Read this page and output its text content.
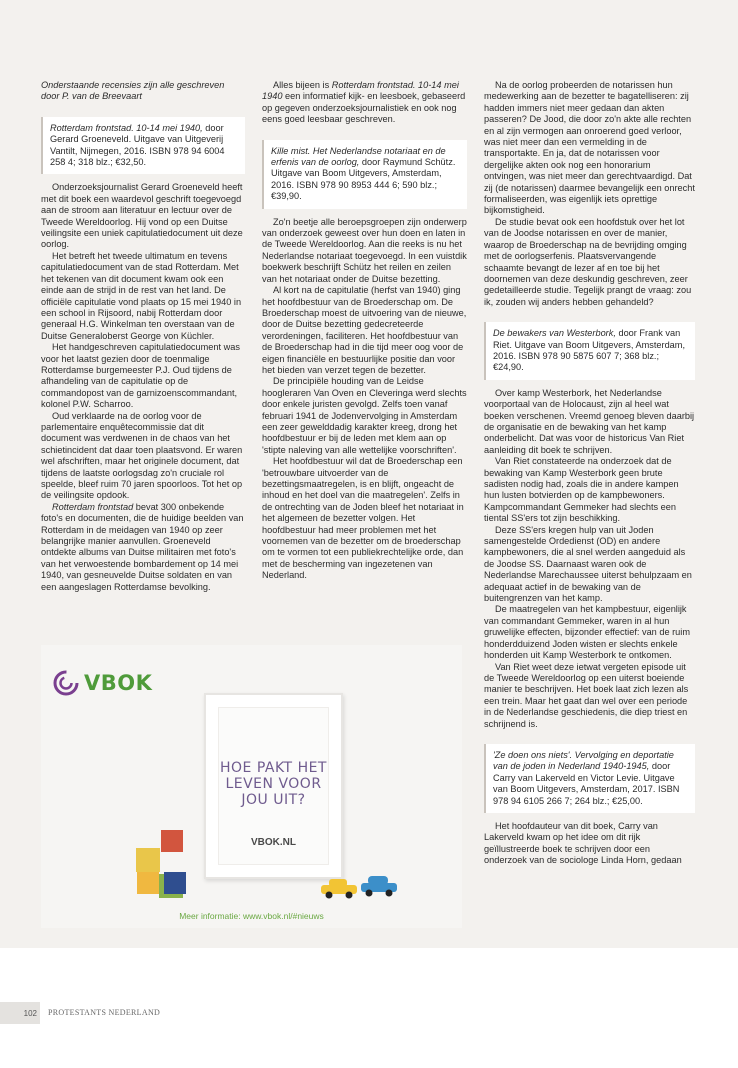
Onderstaande recensies zijn alle geschreven door P. van de Breevaart

Rotterdam frontstad. 10-14 mei 1940, door Gerard Groeneveld. Uitgave van Uitgeverij Vantilt, Nijmegen, 2016. ISBN 978 94 6004 258 4; 318 blz.; €32,50.

Onderzoeksjournalist Gerard Groeneveld heeft met dit boek een waardevol geschrift toegevoegd aan de stroom aan literatuur en lectuur over de Tweede Wereldoorlog. Hij vond op een Duitse veilingsite een uniek capitulatiedocument uit deze oorlog.

Het betreft het tweede ultimatum en tevens capitulatiedocument van de stad Rotterdam. Met het tekenen van dit document kwam ook een einde aan de strijd in de rest van het land. De officiële capitulatie vond plaats op 15 mei 1940 in een school in Rijsoord, nabij Rotterdam door generaal H.G. Winkelman ten overstaan van de Duitse Generaloberst George von Küchler.

Het handgeschreven capitulatiedocument was voor het laatst gezien door de toenmalige Rotterdamse burgemeester P.J. Oud tijdens de afhandeling van de capitulatie op de commandopost van de garnizoenscommandant, kolonel P.W. Scharroo.

Oud verklaarde na de oorlog voor de parlementaire enquêtecommissie dat dit document was verdwenen in de chaos van het schietincident dat daar toen plaatsvond. Er waren wel afschriften, maar het originele document, dat tijdens de laatste oorlogsdag zo'n cruciale rol speelde, bleef ruim 70 jaren spoorloos. Tot het op de veilingsite opdook.

Rotterdam frontstad bevat 300 onbekende foto's en documenten, die de huidige beelden van Rotterdam in de meidagen van 1940 op zeer belangrijke manier aanvullen. Groeneveld ontdekte albums van Duitse militairen met foto's van het verwoestende bombardement op 14 mei 1940, van gesneuvelde Duitse soldaten en van een aangeslagen Rotterdamse bevolking.

Alles bijeen is Rotterdam frontstad. 10-14 mei 1940 een informatief kijk- en leesboek, gebaseerd op gegeven onderzoeksjournalistiek en ook nog eens goed leesbaar geschreven.

Kille mist. Het Nederlandse notariaat en de erfenis van de oorlog, door Raymund Schütz. Uitgave van Boom Uitgevers, Amsterdam, 2016. ISBN 978 90 8953 444 6; 590 blz.; €39,90.

Zo'n beetje alle beroepsgroepen zijn onderwerp van onderzoek geweest over hun doen en laten in de Tweede Wereldoorlog. Aan die reeks is nu het Nederlandse notariaat toegevoegd. In een vuistdik boekwerk beschrijft Schütz het reilen en zeilen van het notariaat onder de Duitse bezetting.

Al kort na de capitulatie (herfst van 1940) ging het hoofdbestuur van de Broederschap om. De Broederschap moest de uitvoering van de nieuwe, door de Duitse bezetting gedecreteerde verordeningen, faciliteren. Het hoofdbestuur van de Broederschap had in die tijd meer oog voor de eigen financiële en bestuurlijke positie dan voor het bieden van verzet tegen de bezetter.

De principiële houding van de Leidse hoogleraren Van Oven en Cleveringa werd slechts door enkele juristen gevolgd. Zelfs toen vanaf februari 1941 de Jodenvervolging in Amsterdam een zeer gewelddadig karakter kreeg, drong het hoofdbestuur er bij de leden met klem aan op 'stipte naleving van alle wettelijke voorschriften'.

Het hoofdbestuur wil dat de Broederschap een 'betrouwbare uitvoerder van de bezettingsmaatregelen, is en blijft, ongeacht de inhoud en het doel van die maatregelen'. Zelfs in de ontrechting van de Joden bleef het notariaat in het algemeen de bezetter volgen. Het hoofdbestuur had meer problemen met het voornemen van de bezetter om de broederschap om te vormen tot een publiekrechtelijke orde, dan met de bescherming van ingezetenen van Nederland.

Na de oorlog probeerden de notarissen hun medewerking aan de bezetter te bagatelliseren: zij hadden immers niet meer gedaan dan akten passeren? De Jood, die door zo'n akte alle rechten en al zijn vermogen aan onroerend goed verloor, was niet meer dan een vermelding in de transportakte. En ja, dat de notarissen voor dergelijke akten ook nog een honorarium ontvingen, was niet meer dan gerechtvaardigd. Dat zij (de notarissen) daarmee bevangelijk een onrecht formaliseerden, was eigenlijk iets oprettige bijkomstigheid.

De studie bevat ook een hoofdstuk over het lot van de Joodse notarissen en over de manier, waarop de Broederschap na de bevrijding omging met de oorlogserfenis. Plaatsvervangende schaamte bevangt de lezer af en toe bij het doornemen van deze deskundig geschreven, zeer gedetailleerde studie. Tegelijk prangt de vraag: zou ik, zouden wij anders hebben gehandeld?

De bewakers van Westerbork, door Frank van Riet. Uitgave van Boom Uitgevers, Amsterdam, 2016. ISBN 978 90 5875 607 7; 368 blz.; €24,90.

Over kamp Westerbork, het Nederlandse voorportaal van de Holocaust, zijn al heel wat boeken verschenen. Vreemd genoeg bleven daarbij de organisatie en de bewaking van het kamp onderbelicht. Dat was voor de historicus Van Riet aanleiding dit boek te schrijven.

Van Riet constateerde na onderzoek dat de bewaking van Kamp Westerbork geen brute sadisten nodig had, zoals die in andere kampen hun lusten botvierden op de kampbewoners. Kampcommandant Gemmeker had slechts een tiental SS'ers tot zijn beschikking.

Deze SS'ers kregen hulp van uit Joden samengestelde Ordedienst (OD) en andere kampbewoners, die al snel werden aangeduid als de Joodse SS. Daarnaast waren ook de Nederlandse Marechaussee uiterst behulpzaam en adequaat actief in de bewaking van de buitengrenzen van het kamp.

De maatregelen van het kampbestuur, eigenlijk van commandant Gemmeker, waren in al hun gruwelijke effecten, bijzonder effectief: van de ruim honderdduizend Joden wisten er slechts enkele honderden uit Kamp Westerbork te ontkomen.

Van Riet weet deze ietwat vergeten episode uit de Tweede Wereldoorlog op een uiterst boeiende manier te beschrijven. Het boek laat zich lezen als een trein. Maar het gaat dan wel over een periode in de Nederlandse geschiedenis, die diep triest en schrijnend is.

'Ze doen ons niets'. Vervolging en deportatie van de joden in Nederland 1940-1945, door Carry van Lakerveld en Victor Levie. Uitgave van Boom Uitgevers, Amsterdam, 2017. ISBN 978 94 6105 266 7; 264 blz.; €25,00.

Het hoofdauteur van dit boek, Carry van Lakerveld kwam op het idee om dit rijk geïllustreerde boek te schrijven door een onderzoek van de sociologe Linda Horn, gedaan

VBOK
HOE PAKT HET LEVEN VOOR JOU UIT?
VBOK.NL
Meer informatie: www.vbok.nl/#nieuws
102	PROTESTANTS NEDERLAND
